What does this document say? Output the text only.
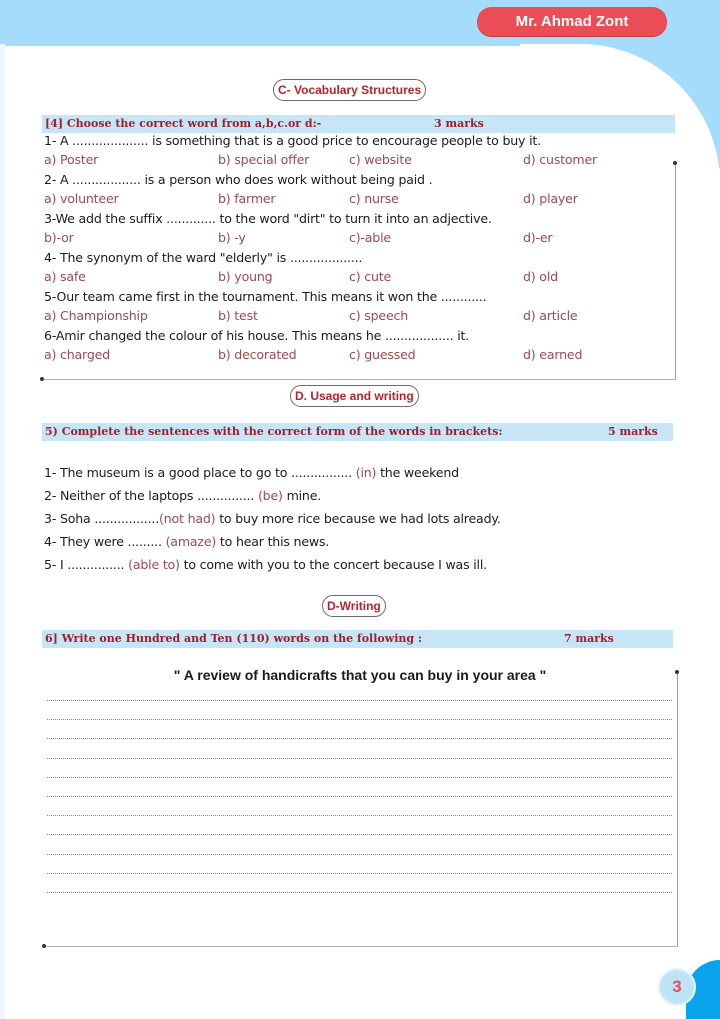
Mr. Ahmad Zont
C- Vocabulary Structures
[4] Choose the correct word from a,b,c.or d:-	3 marks
1- A .................... is something that is a good price to encourage people to buy it.
a) Poster	b) special offer	c) website	d) customer
2- A .................. is a person who does work without being paid .
a) volunteer	b) farmer	c) nurse	d) player
3-We add the suffix ............. to the word "dirt" to turn it into an adjective.
b)-or	b) -y	c)-able	d)-er
4- The synonym of the ward "elderly" is ...................
a) safe	b) young	c) cute	d) old
5-Our team came first in the tournament. This means it won the ............
a) Championship	b) test	c) speech	d) article
6-Amir changed the colour of his house. This means he .................. it.
a) charged	b) decorated	c) guessed	d) earned
D. Usage and writing
5) Complete the sentences with the correct form of the words in brackets:	5 marks
1- The museum is a good place to go to ................ (in) the weekend
2- Neither of the laptops ............... (be) mine.
3- Soha .................(not had) to buy more rice because we had lots already.
4- They were ......... (amaze) to hear this news.
5- I ............... (able to) to come with you to the concert because I was ill.
D-Writing
6] Write one Hundred and Ten (110) words on the following :	7 marks
" A review of handicrafts that you can buy in your area "
3
